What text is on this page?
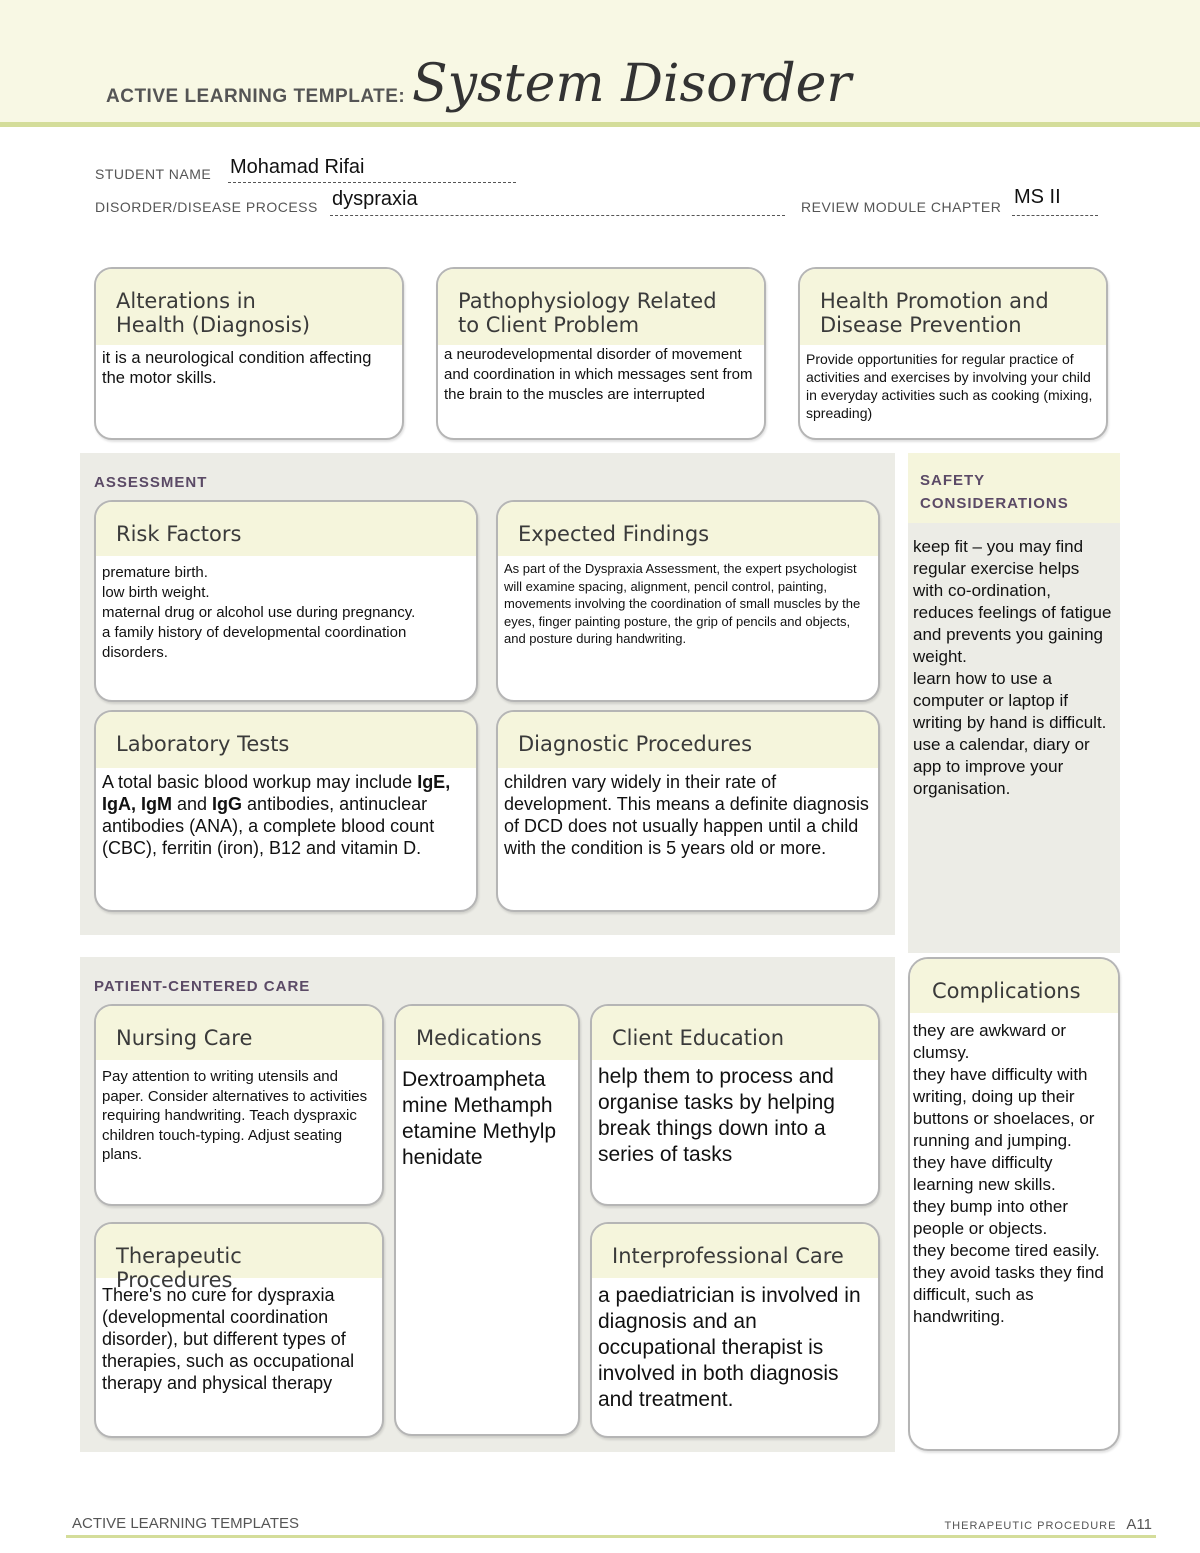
ACTIVE LEARNING TEMPLATE: System Disorder
STUDENT NAME Mohamad Rifai
DISORDER/DISEASE PROCESS dyspraxia	REVIEW MODULE CHAPTER MS II
Alterations in
Health (Diagnosis)
it is a neurological condition affecting the motor skills.
Pathophysiology Related
to Client Problem
a neurodevelopmental disorder of movement and coordination in which messages sent from the brain to the muscles are interrupted
Health Promotion and
Disease Prevention
Provide opportunities for regular practice of activities and exercises by involving your child in everyday activities such as cooking (mixing, spreading)
ASSESSMENT
Risk Factors
premature birth.
low birth weight.
maternal drug or alcohol use during pregnancy.
a family history of developmental coordination disorders.
Expected Findings
As part of the Dyspraxia Assessment, the expert psychologist will examine spacing, alignment, pencil control, painting, movements involving the coordination of small muscles by the eyes, finger painting posture, the grip of pencils and objects, and posture during handwriting.
Laboratory Tests
A total basic blood workup may include IgE, IgA, IgM and IgG antibodies, antinuclear antibodies (ANA), a complete blood count (CBC), ferritin (iron), B12 and vitamin D.
Diagnostic Procedures
children vary widely in their rate of development. This means a definite diagnosis of DCD does not usually happen until a child with the condition is 5 years old or more.
SAFETY
CONSIDERATIONS
keep fit – you may find regular exercise helps with co-ordination, reduces feelings of fatigue and prevents you gaining weight.
learn how to use a computer or laptop if writing by hand is difficult.
use a calendar, diary or app to improve your organisation.
PATIENT-CENTERED CARE
Nursing Care
Pay attention to writing utensils and paper. Consider alternatives to activities requiring handwriting. Teach dyspraxic children touch-typing. Adjust seating plans.
Medications
Dextroamphetamine Methamphetamine Methylphenidate
Client Education
help them to process and organise tasks by helping break things down into a series of tasks
Therapeutic Procedures
There's no cure for dyspraxia (developmental coordination disorder), but different types of therapies, such as occupational therapy and physical therapy
Interprofessional Care
a paediatrician is involved in diagnosis and an occupational therapist is involved in both diagnosis and treatment.
Complications
they are awkward or clumsy.
they have difficulty with writing, doing up their buttons or shoelaces, or running and jumping.
they have difficulty learning new skills.
they bump into other people or objects.
they become tired easily.
they avoid tasks they find difficult, such as handwriting.
ACTIVE LEARNING TEMPLATES	THERAPEUTIC PROCEDURE A11
